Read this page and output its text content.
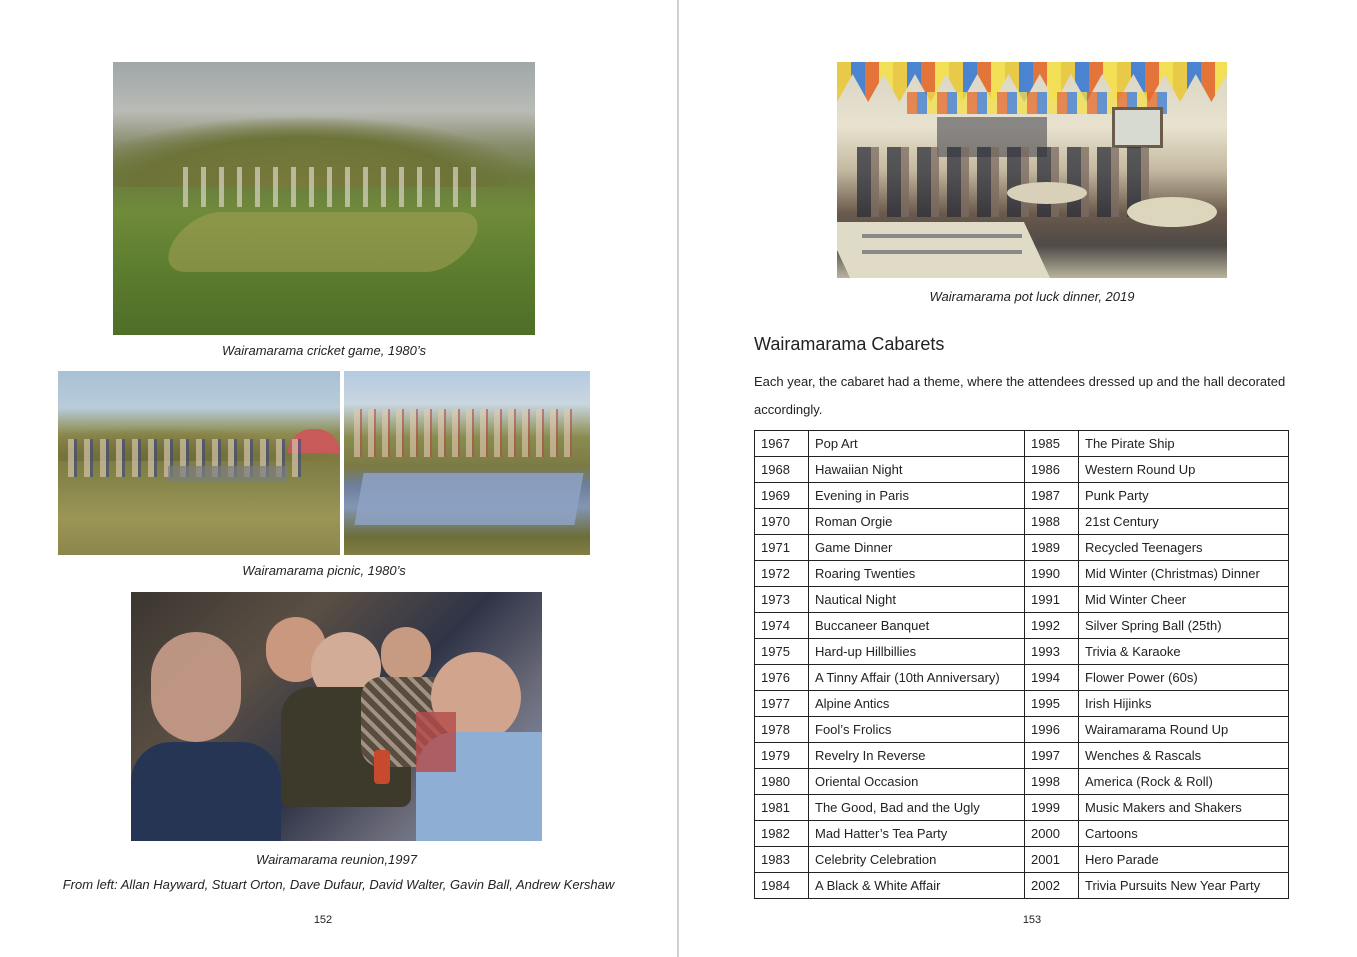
Wairamarama cricket game, 1980’s
Wairamarama picnic, 1980’s
Wairamarama reunion,1997
From left: Allan Hayward, Stuart Orton, Dave Dufaur, David Walter, Gavin Ball, Andrew Kershaw
152
Wairamarama pot luck dinner, 2019
Wairamarama Cabarets
Each year, the cabaret had a theme, where the attendees dressed up and the hall decorated accordingly.
1967	Pop Art	1985	The Pirate Ship
1968	Hawaiian Night	1986	Western Round Up
1969	Evening in Paris	1987	Punk Party
1970	Roman Orgie	1988	21st Century
1971	Game Dinner	1989	Recycled Teenagers
1972	Roaring Twenties	1990	Mid Winter (Christmas) Dinner
1973	Nautical Night	1991	Mid Winter Cheer
1974	Buccaneer Banquet	1992	Silver Spring Ball (25th)
1975	Hard-up Hillbillies	1993	Trivia & Karaoke
1976	A Tinny Affair (10th Anniversary)	1994	Flower Power (60s)
1977	Alpine Antics	1995	Irish Hijinks
1978	Fool’s Frolics	1996	Wairamarama Round Up
1979	Revelry In Reverse	1997	Wenches & Rascals
1980	Oriental Occasion	1998	America (Rock & Roll)
1981	The Good, Bad and the Ugly	1999	Music Makers and Shakers
1982	Mad Hatter’s Tea Party	2000	Cartoons
1983	Celebrity Celebration	2001	Hero Parade
1984	A Black & White Affair	2002	Trivia Pursuits New Year Party
153
